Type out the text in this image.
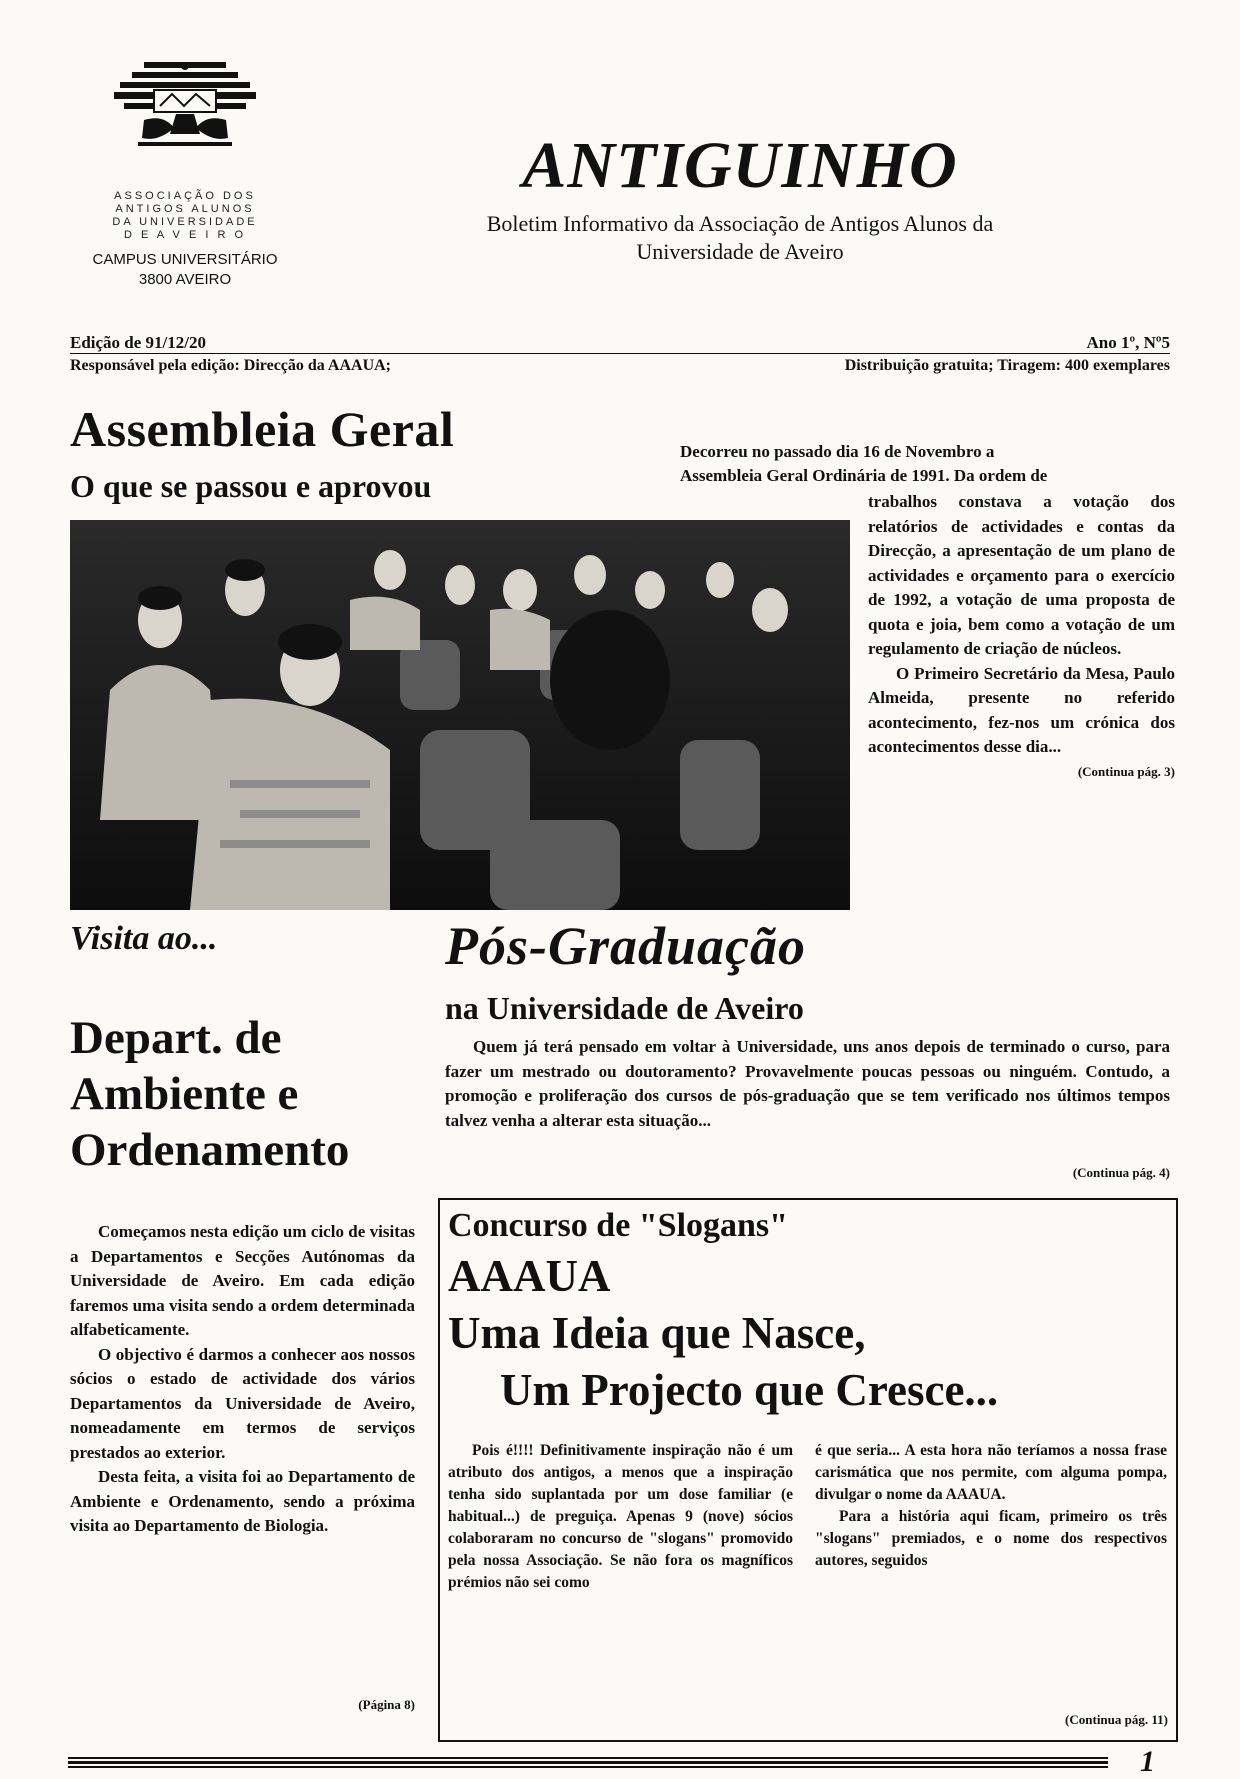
ASSOCIAÇÃO DOS
ANTIGOS ALUNOS
DA UNIVERSIDADE
D E A V E I R O
CAMPUS UNIVERSITÁRIO
3800 AVEIRO
ANTIGUINHO
Boletim Informativo da Associação de Antigos Alunos da
Universidade de Aveiro
Edição de 91/12/20	Ano 1º, Nº5
Responsável pela edição: Direcção da AAAUA;	Distribuição gratuita; Tiragem: 400 exemplares
Assembleia Geral
O que se passou e aprovou

Decorreu no passado dia 16 de Novembro a

Assembleia Geral Ordinária de 1991. Da ordem de

trabalhos constava a votação dos relatórios de actividades e contas da Direcção, a apresentação de um plano de actividades e orçamento para o exercício de 1992, a votação de uma proposta de quota e joia, bem como a votação de um regulamento de criação de núcleos.

O Primeiro Secretário da Mesa, Paulo Almeida, presente no referido acontecimento, fez-nos um crónica dos acontecimentos desse dia...

(Continua pág. 3)

Visita ao...
Depart. de
Ambiente e
Ordenamento

Começamos nesta edição um ciclo de visitas a Departamentos e Secções Autónomas da Universidade de Aveiro. Em cada edição faremos uma visita sendo a ordem determinada alfabeticamente.

O objectivo é darmos a conhecer aos nossos sócios o estado de actividade dos vários Departamentos da Universidade de Aveiro, nomeadamente em termos de serviços prestados ao exterior.

Desta feita, a visita foi ao Departamento de Ambiente e Ordenamento, sendo a próxima visita ao Departamento de Biologia.

(Página 8)
Pós-Graduação
na Universidade de Aveiro

Quem já terá pensado em voltar à Universidade, uns anos depois de terminado o curso, para fazer um mestrado ou doutoramento? Provavelmente poucas pessoas ou ninguém. Contudo, a promoção e proliferação dos cursos de pós-graduação que se tem verificado nos últimos tempos talvez venha a alterar esta situação...

(Continua pág. 4)
Concurso de "Slogans"
AAAUA
Uma Ideia que Nasce,
Um Projecto que Cresce...

Pois é!!!! Definitivamente inspiração não é um atributo dos antigos, a menos que a inspiração tenha sido suplantada por um dose familiar (e habitual...) de preguiça. Apenas 9 (nove) sócios colaboraram no concurso de "slogans" promovido pela nossa Associação. Se não fora os magníficos prémios não sei como

é que seria... A esta hora não teríamos a nossa frase carismática que nos permite, com alguma pompa, divulgar o nome da AAAUA.

Para a história aqui ficam, primeiro os três "slogans" premiados, e o nome dos respectivos autores, seguidos

(Continua pág. 11)
1
